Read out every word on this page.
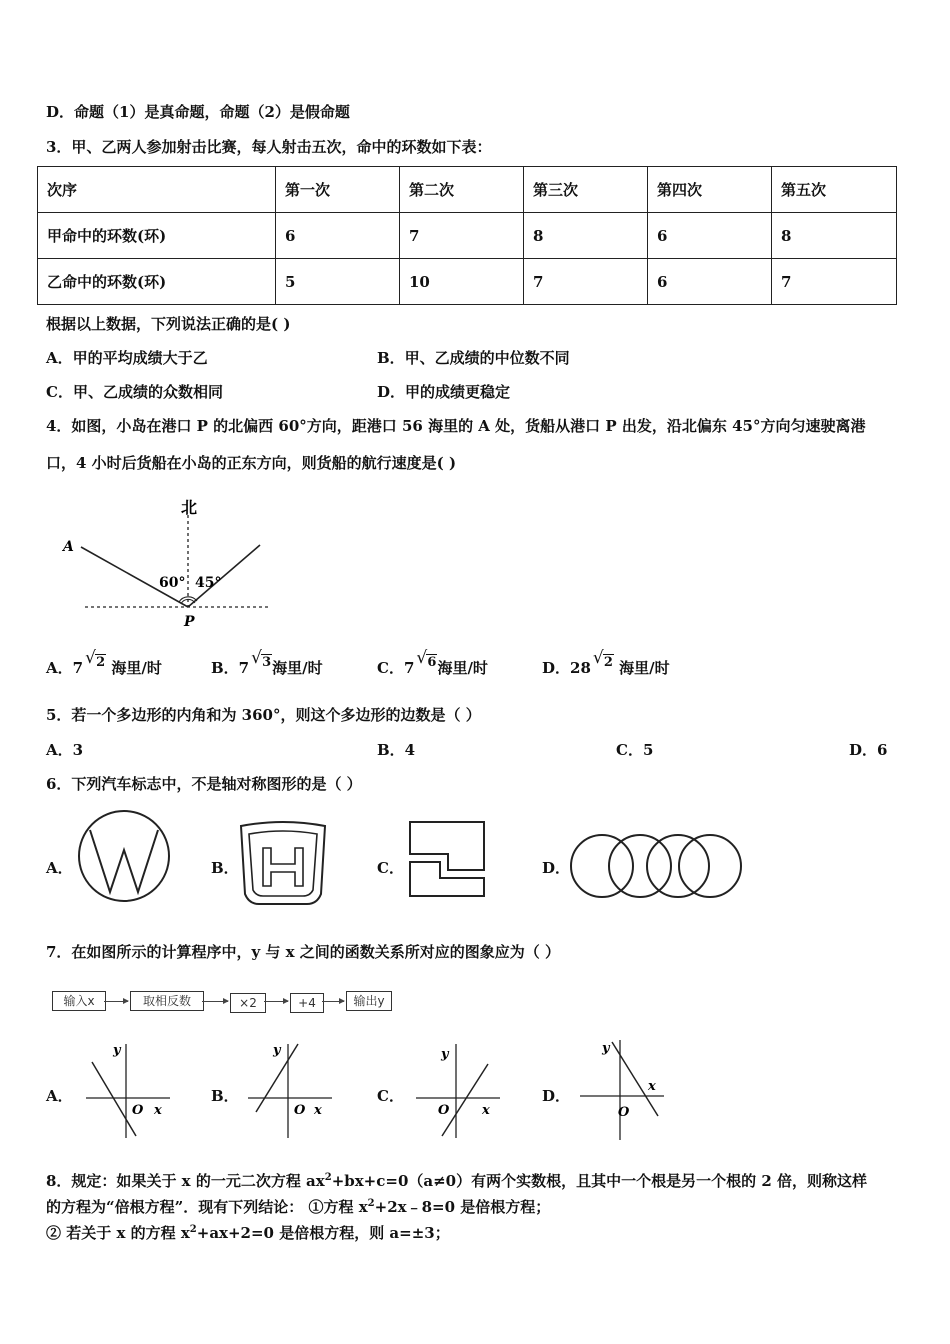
D．命题（1）是真命题，命题（2）是假命题
3．甲、乙两人参加射击比赛，每人射击五次，命中的环数如下表：
次序	第一次	第二次	第三次	第四次	第五次
甲命中的环数(环)	6	7	8	6	8
乙命中的环数(环)	5	10	7	6	7
根据以上数据，下列说法正确的是( )
A．甲的平均成绩大于乙	B．甲、乙成绩的中位数不同
C．甲、乙成绩的众数相同	D．甲的成绩更稳定
4．如图，小岛在港口 P 的北偏西 60°方向，距港口 56 海里的 A 处，货船从港口 P 出发，沿北偏东 45°方向匀速驶离港
口，4 小时后货船在小岛的正东方向，则货船的航行速度是( )
北
A
P
60° 45°
A．7 √ 2 海里/时	B．7 √ 3海里/时	C．7 √ 6海里/时	D．28 √ 2 海里/时
5．若一个多边形的内角和为 360°，则这个多边形的边数是（ ）
A．3	B．4	C．5	D．6
6．下列汽车标志中，不是轴对称图形的是（ ）
A．	B．	C．	D．
7．在如图所示的计算程序中，y 与 x 之间的函数关系所对应的图象应为（ ）
输入x	取相反数	×2	+4	输出y
A．
y
O x
B．
y
O x
C．
y
O	x
D．
y
O
x
8．规定：如果关于 x 的一元二次方程 $ax^2+bx+c=0(a\ne 0)$有两个实数根，且其中一个根是另一个根的 2 倍，则称这样
的方程为“倍根方程”．现有下列结论： ①方程 $x^2+2x﹣8=0$ 是倍根方程；
② 若关于 x 的方程 $x^2+ax+2=0$ 是倍根方程，则 a=±3；
